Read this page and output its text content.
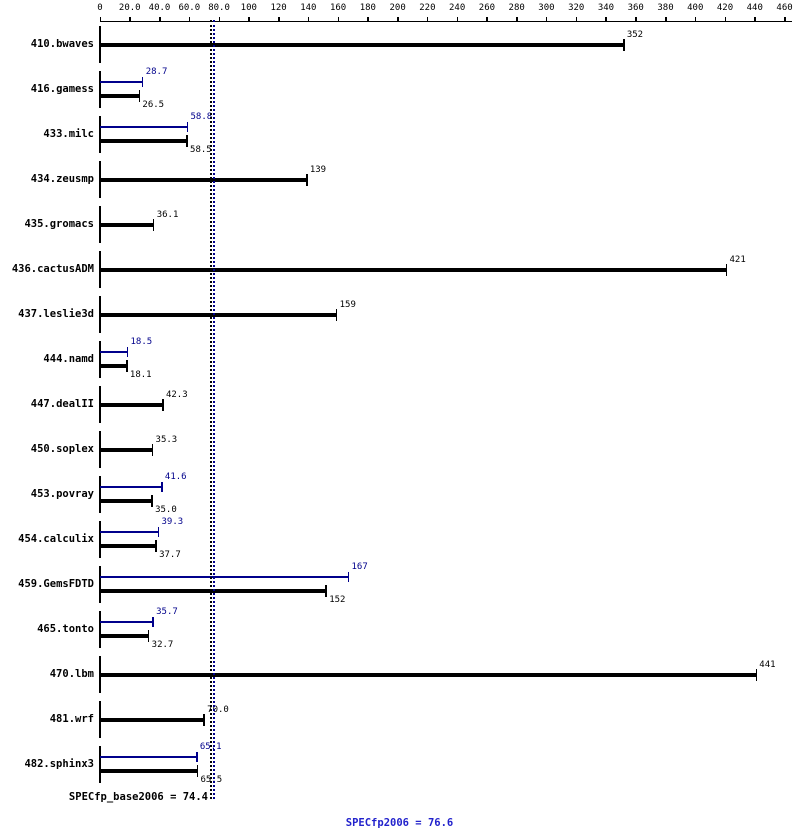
0	20.0 40.0 60.0 80.0	100	120	140	160	180	200	220	240	260	280	300	320	340	360	380	400	420	440	460
410.bwaves
352
416.gamess
28.7
26.5
433.milc
58.8
58.5
434.zeusmp
139
435.gromacs
36.1
436.cactusADM
421
437.leslie3d
159
444.namd
18.5
18.1
447.dealII
42.3
450.soplex
35.3
453.povray
41.6
35.0
454.calculix
39.3
37.7
459.GemsFDTD
167
152
465.tonto
35.7
32.7
470.lbm
441
481.wrf
70.0
482.sphinx3
65.1
65.5
SPECfp_base2006 = 74.4
SPECfp2006 = 76.6
